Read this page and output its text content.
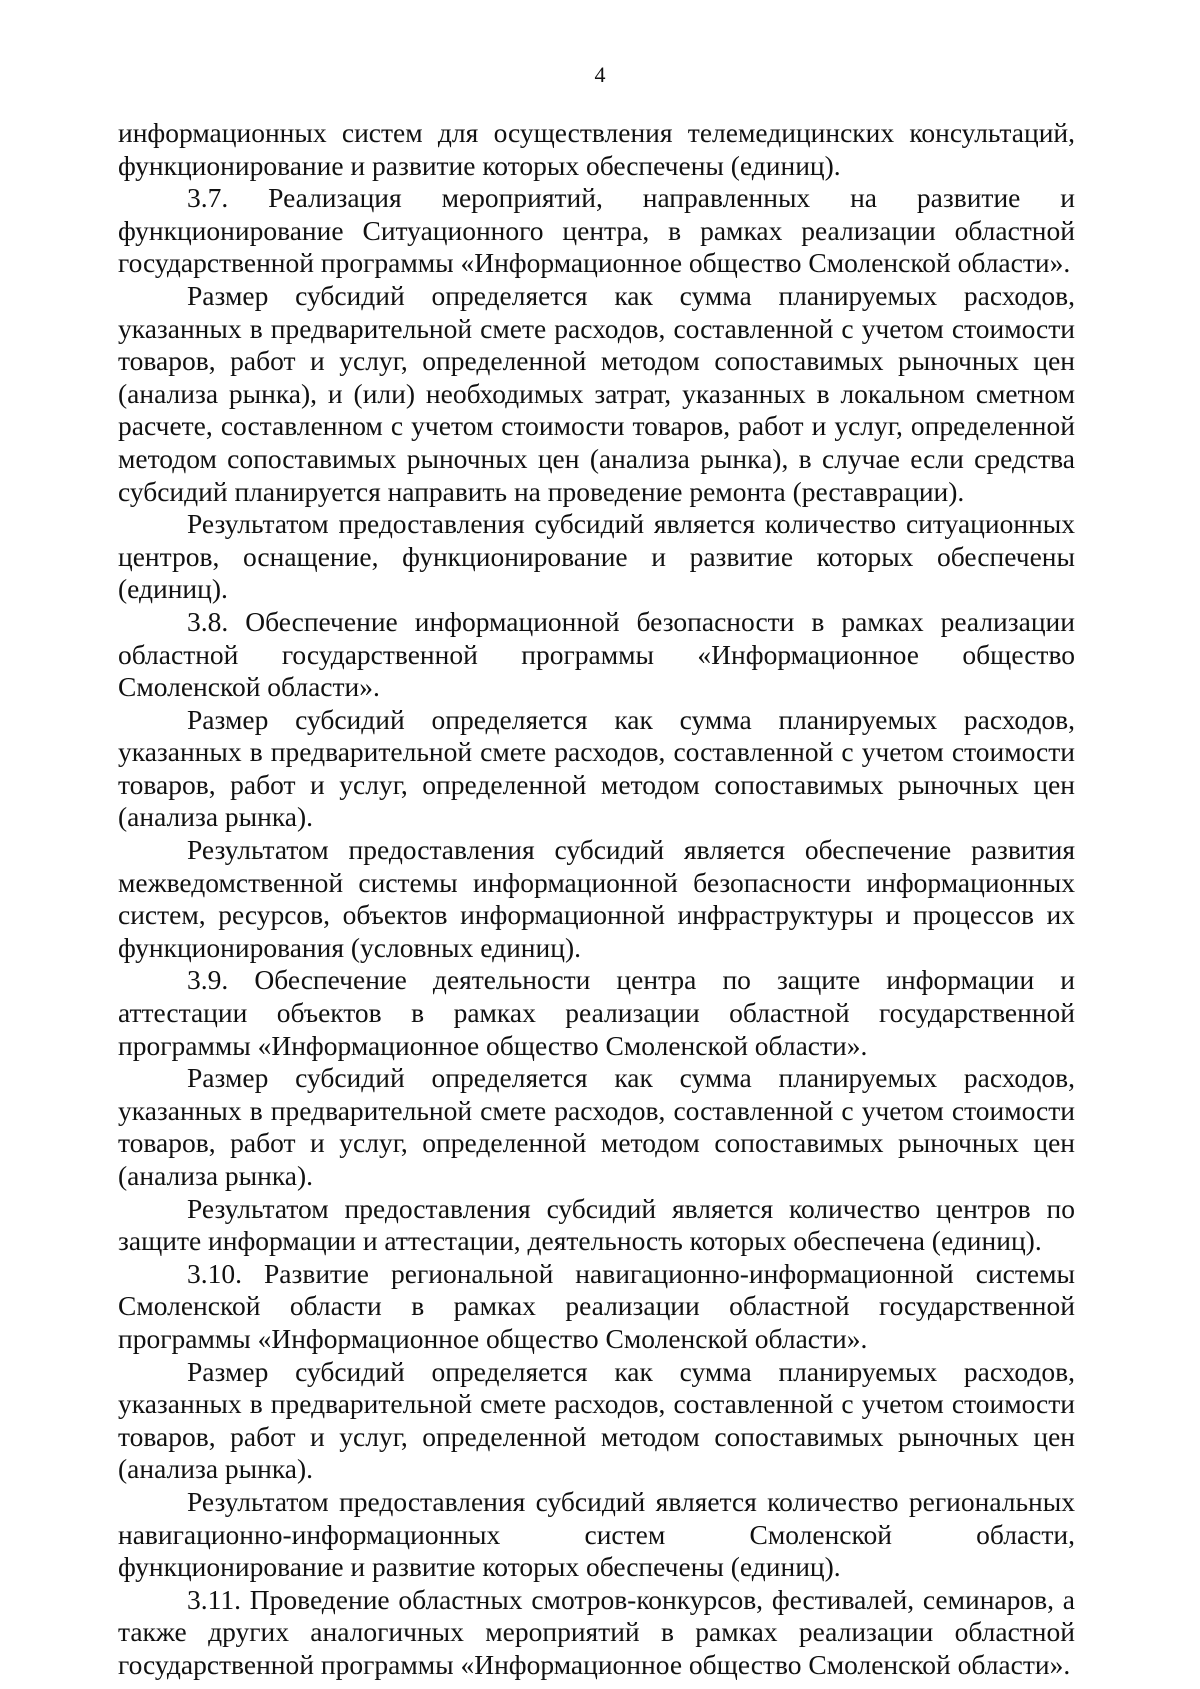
4

информационных систем для осуществления телемедицинских консультаций, функционирование и развитие которых обеспечены (единиц).

3.7. Реализация мероприятий, направленных на развитие и функционирование Ситуационного центра, в рамках реализации областной государственной программы «Информационное общество Смоленской области».

Размер субсидий определяется как сумма планируемых расходов, указанных в предварительной смете расходов, составленной с учетом стоимости товаров, работ и услуг, определенной методом сопоставимых рыночных цен (анализа рынка), и (или) необходимых затрат, указанных в локальном сметном расчете, составленном с учетом стоимости товаров, работ и услуг, определенной методом сопоставимых рыночных цен (анализа рынка), в случае если средства субсидий планируется направить на проведение ремонта (реставрации).

Результатом предоставления субсидий является количество ситуационных центров, оснащение, функционирование и развитие которых обеспечены (единиц).

3.8. Обеспечение информационной безопасности в рамках реализации областной государственной программы «Информационное общество Смоленской области».

Размер субсидий определяется как сумма планируемых расходов, указанных в предварительной смете расходов, составленной с учетом стоимости товаров, работ и услуг, определенной методом сопоставимых рыночных цен (анализа рынка).

Результатом предоставления субсидий является обеспечение развития межведомственной системы информационной безопасности информационных систем, ресурсов, объектов информационной инфраструктуры и процессов их функционирования (условных единиц).

3.9. Обеспечение деятельности центра по защите информации и аттестации объектов в рамках реализации областной государственной программы «Информационное общество Смоленской области».

Размер субсидий определяется как сумма планируемых расходов, указанных в предварительной смете расходов, составленной с учетом стоимости товаров, работ и услуг, определенной методом сопоставимых рыночных цен (анализа рынка).

Результатом предоставления субсидий является количество центров по защите информации и аттестации, деятельность которых обеспечена (единиц).

3.10. Развитие региональной навигационно-информационной системы Смоленской области в рамках реализации областной государственной программы «Информационное общество Смоленской области».

Размер субсидий определяется как сумма планируемых расходов, указанных в предварительной смете расходов, составленной с учетом стоимости товаров, работ и услуг, определенной методом сопоставимых рыночных цен (анализа рынка).

Результатом предоставления субсидий является количество региональных навигационно-информационных систем Смоленской области, функционирование и развитие которых обеспечены (единиц).

3.11. Проведение областных смотров-конкурсов, фестивалей, семинаров, а также других аналогичных мероприятий в рамках реализации областной государственной программы «Информационное общество Смоленской области».
